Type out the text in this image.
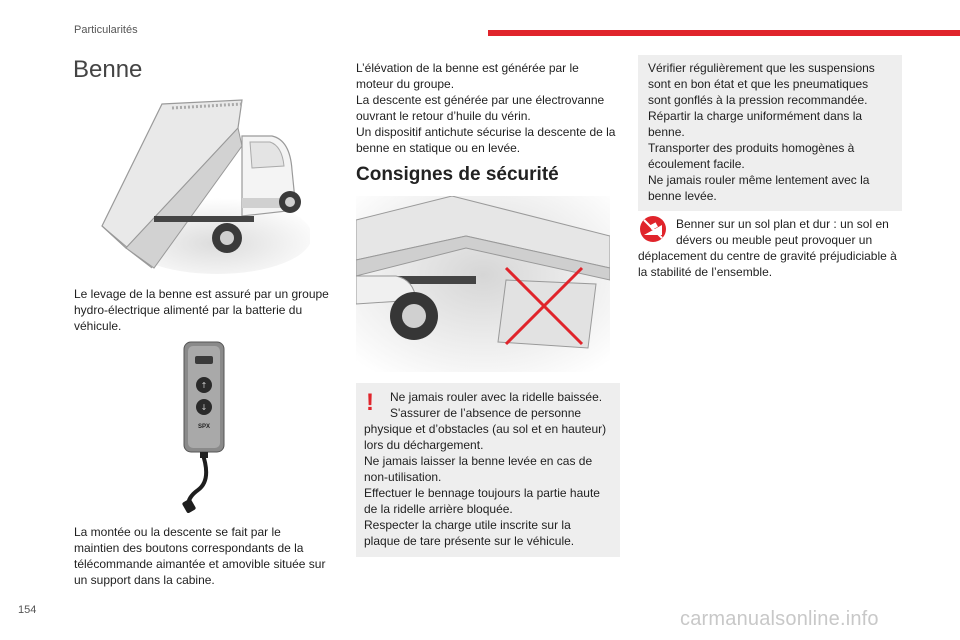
Particularités
Benne
Le levage de la benne est assuré par un groupe
hydro-électrique alimenté par la batterie du
véhicule.
↑
↓
SPX
La montée ou la descente se fait par le
maintien des boutons correspondants de la
télécommande aimantée et amovible située sur
un support dans la cabine.
L’élévation de la benne est générée par le
moteur du groupe.
La descente est générée par une électrovanne
ouvrant le retour d’huile du vérin.
Un dispositif antichute sécurise la descente de la
benne en statique ou en levée.
Consignes de sécurité
!	Ne jamais rouler avec la ridelle baissée.
S'assurer de l’absence de personne
physique et d’obstacles (au sol et en hauteur)
lors du déchargement.
Ne jamais laisser la benne levée en cas de
non-utilisation.
Effectuer le bennage toujours la partie haute
de la ridelle arrière bloquée.
Respecter la charge utile inscrite sur la
plaque de tare présente sur le véhicule.
Vérifier régulièrement que les suspensions
sont en bon état et que les pneumatiques
sont gonflés à la pression recommandée.
Répartir la charge uniformément dans la
benne.
Transporter des produits homogènes à
écoulement facile.
Ne jamais rouler même lentement avec la
benne levée.
Benner sur un sol plan et dur : un sol en
dévers ou meuble peut provoquer un
déplacement du centre de gravité préjudiciable à
la stabilité de l’ensemble.
154	carmanualsonline.info
